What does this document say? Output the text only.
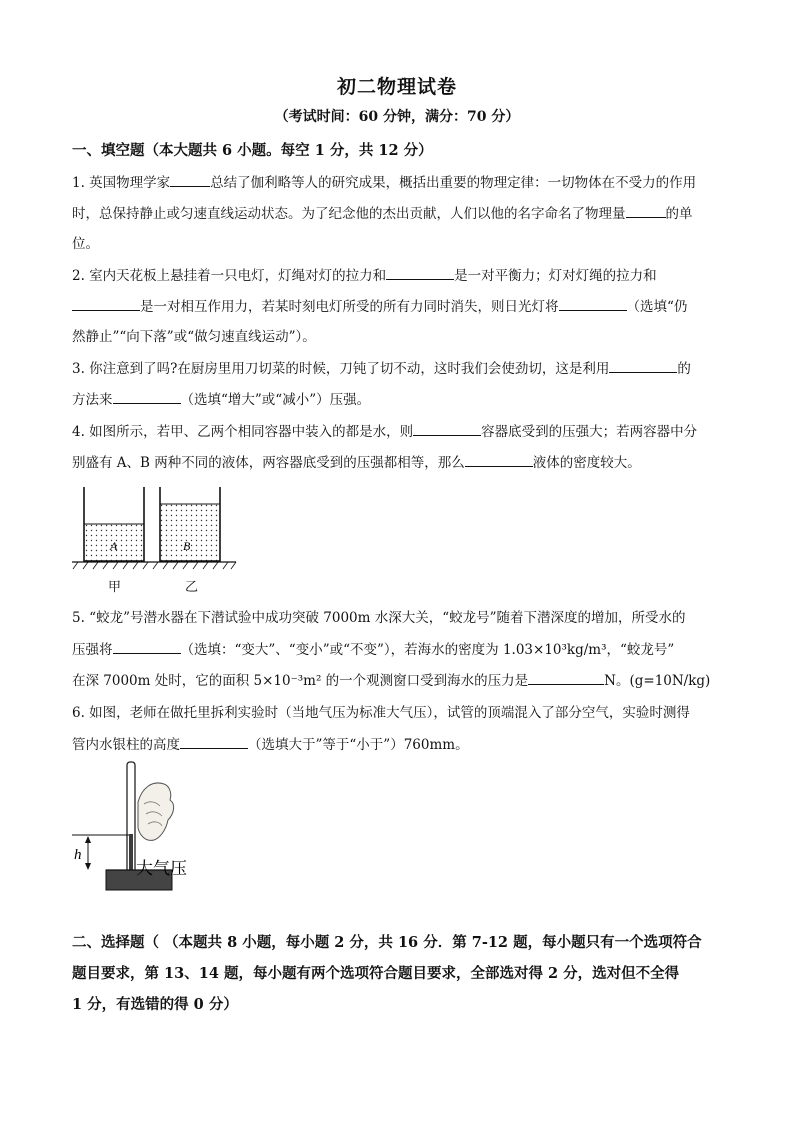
初二物理试卷
（考试时间：60 分钟，满分：70 分）
一、填空题（本大题共 6 小题。每空 1 分，共 12 分）
1. 英国物理学家	总结了伽利略等人的研究成果，概括出重要的物理定律：一切物体在不受力的作用
时，总保持静止或匀速直线运动状态。为了纪念他的杰出贡献，人们以他的名字命名了物理量	的单
位。
2. 室内天花板上悬挂着一只电灯，灯绳对灯的拉力和	是一对平衡力；灯对灯绳的拉力和
是一对相互作用力，若某时刻电灯所受的所有力同时消失，则日光灯将	（选填“仍
然静止”“向下落”或“做匀速直线运动”）。
3. 你注意到了吗?在厨房里用刀切菜的时候，刀钝了切不动，这时我们会使劲切，这是利用	的
方法来	（选填“增大”或“减小”）压强。
4. 如图所示，若甲、乙两个相同容器中装入的都是水，则	容器底受到的压强大；若两容器中分
别盛有 A、B 两种不同的液体，两容器底受到的压强都相等，那么	液体的密度较大。
A	B
甲	乙
5. “蛟龙”号潜水器在下潜试验中成功突破 7000m 水深大关，“蛟龙号”随着下潜深度的增加，所受水的
压强将	（选填：“变大”、“变小”或“不变”），若海水的密度为 1.03×10³kg/m³，“蛟龙号”
在深 7000m 处时，它的面积 5×10⁻³m² 的一个观测窗口受到海水的压力是	N。(g=10N/kg)
6. 如图，老师在做托里拆利实验时（当地气压为标准大气压），试管的顶端混入了部分空气，实验时测得
管内水银柱的高度	（选填大于”等于“小于”）760mm。
h
大气压
二、选择题（ （本题共 8 小题，每小题 2 分，共 16 分．第 7-12 题，每小题只有一个选项符合
题目要求，第 13、14 题，每小题有两个选项符合题目要求，全部选对得 2 分，选对但不全得
1 分，有选错的得 0 分）
